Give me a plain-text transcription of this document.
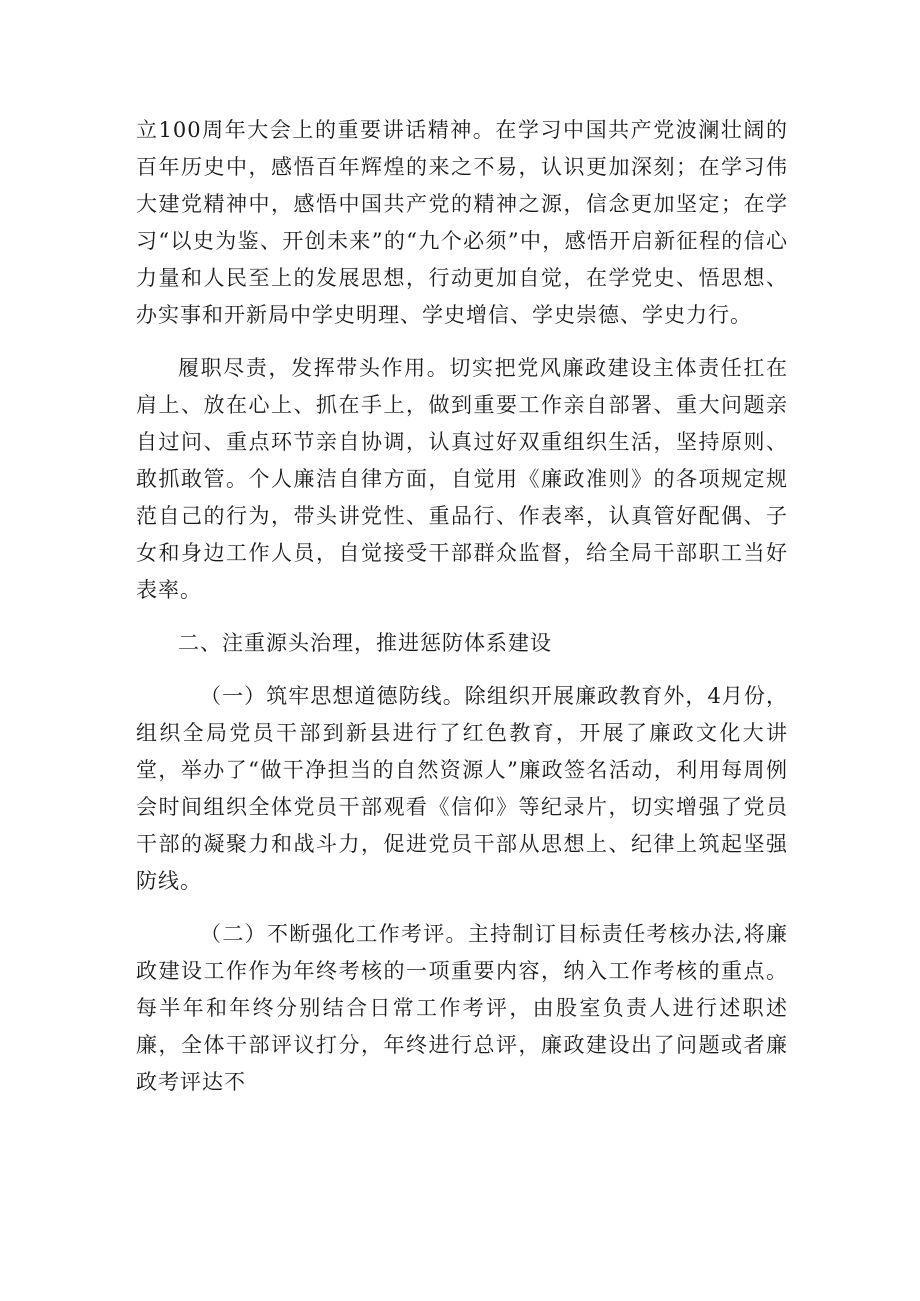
立100周年大会上的重要讲话精神。在学习中国共产党波澜壮阔的百年历史中，感悟百年辉煌的来之不易，认识更加深刻；在学习伟大建党精神中，感悟中国共产党的精神之源，信念更加坚定；在学习“以史为鉴、开创未来”的“九个必须”中，感悟开启新征程的信心力量和人民至上的发展思想，行动更加自觉，在学党史、悟思想、办实事和开新局中学史明理、学史增信、学史崇德、学史力行。

履职尽责，发挥带头作用。切实把党风廉政建设主体责任扛在肩上、放在心上、抓在手上，做到重要工作亲自部署、重大问题亲自过问、重点环节亲自协调，认真过好双重组织生活，坚持原则、敢抓敢管。个人廉洁自律方面，自觉用《廉政准则》的各项规定规范自己的行为，带头讲党性、重品行、作表率，认真管好配偶、子女和身边工作人员，自觉接受干部群众监督，给全局干部职工当好表率。

二、注重源头治理，推进惩防体系建设

（一）筑牢思想道德防线。除组织开展廉政教育外，4月份，组织全局党员干部到新县进行了红色教育，开展了廉政文化大讲堂，举办了“做干净担当的自然资源人”廉政签名活动，利用每周例会时间组织全体党员干部观看《信仰》等纪录片，切实增强了党员干部的凝聚力和战斗力，促进党员干部从思想上、纪律上筑起坚强防线。

（二）不断强化工作考评。主持制订目标责任考核办法,将廉政建设工作作为年终考核的一项重要内容，纳入工作考核的重点。每半年和年终分别结合日常工作考评，由股室负责人进行述职述廉，全体干部评议打分，年终进行总评，廉政建设出了问题或者廉政考评达不
